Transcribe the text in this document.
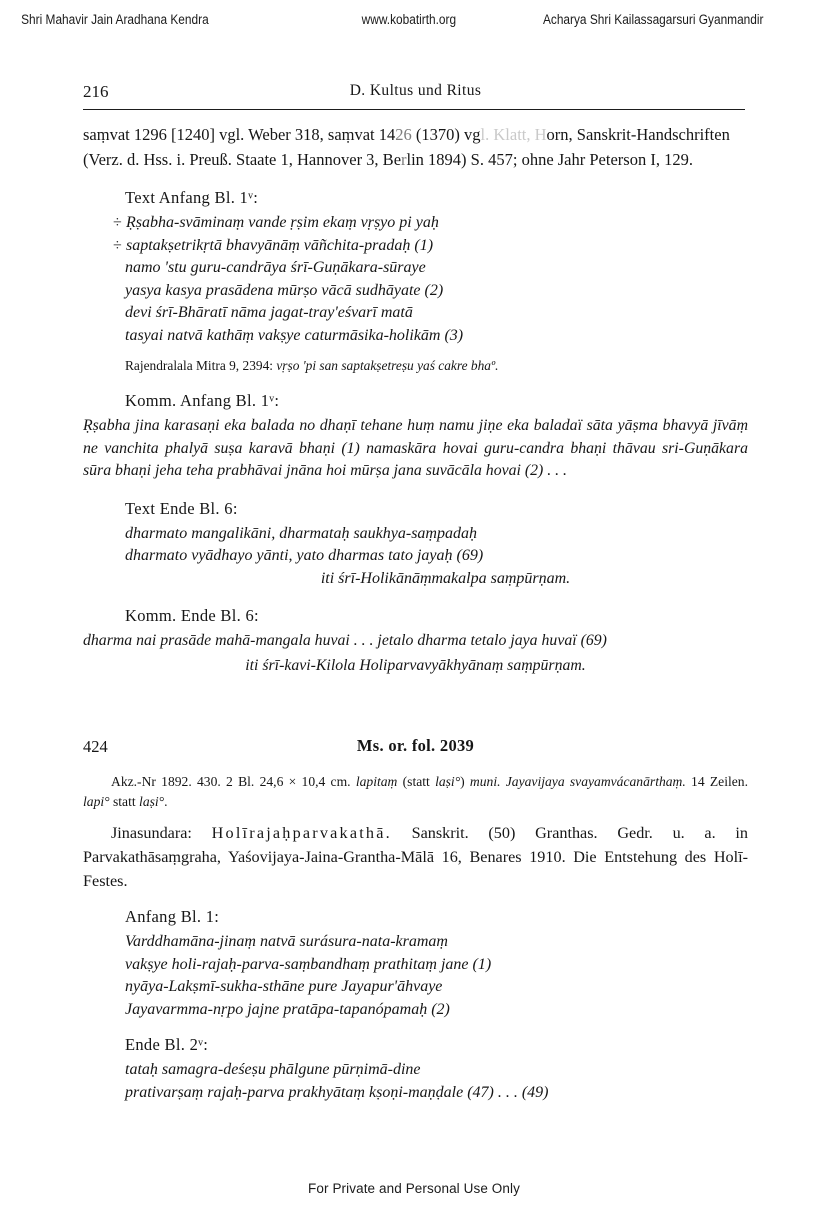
Shri Mahavir Jain Aradhana Kendra	www.kobatirth.org	Acharya Shri Kailassagarsuri Gyanmandir
216	D. Kultus und Ritus

saṃvat 1296 [1240] vgl. Weber 318, saṃvat 1426 (1370) vgl. Klatt, Horn, Sanskrit-Handschriften (Verz. d. Hss. i. Preuß. Staate 1, Hannover 3, Berlin 1894) S. 457; ohne Jahr Peterson I, 129.

Text Anfang Bl. 1ᵛ:
÷ Ṛṣabha-svāminaṃ vande ṛṣim ekaṃ vṛṣyo pi yaḥ
÷ saptakṣetrikṛtā bhavyānāṃ vāñchita-pradaḥ (1)
namo 'stu guru-candrāya śrī-Guṇākara-sūraye
yasya kasya prasādena mūrṣo vācā sudhāyate (2)
devi śrī-Bhāratī nāma jagat-tray'eśvarī matā
tasyai natvā kathāṃ vakṣye caturmāsika-holikām (3)
Rajendralala Mitra 9, 2394: vṛṣo 'pi san saptakṣetreṣu yaś cakre bhaº.
Komm. Anfang Bl. 1ᵛ:

Ṛṣabha jina karasaṇi eka balada no dhaṇī tehane huṃ namu jiṇe eka baladaï sāta yāṣma bhavyā jīvāṃ ne vanchita phalyā suṣa karavā bhaṇi (1) namaskāra hovai guru-candra bhaṇi thāvau sri-Guṇākara sūra bhaṇi jeha teha prabhāvai jnāna hoi mūrṣa jana suvācāla hovai (2) . . .

Text Ende Bl. 6:
dharmato mangalikāni, dharmataḥ saukhya-saṃpadaḥ
dharmato vyādhayo yānti, yato dharmas tato jayaḥ (69)
iti śrī-Holikānāṃmakalpa saṃpūrṇam.
Komm. Ende Bl. 6:

dharma nai prasāde mahā-mangala huvai . . . jetalo dharma tetalo jaya huvaï (69)

iti śrī-kavi-Kilola Holiparvavyākhyānaṃ saṃpūrṇam.

424	Ms. or. fol. 2039

Akz.-Nr 1892. 430. 2 Bl. 24,6 × 10,4 cm. lapitaṃ (statt laṣi°) muni. Jayavijaya svayamvácanārthaṃ. 14 Zeilen. lapi° statt laṣi°.

Jinasundara: Holīrajaḥparvakathā. Sanskrit. (50) Granthas. Gedr. u. a. in Parvakathāsaṃgraha, Yaśovijaya-Jaina-Grantha-Mālā 16, Benares 1910. Die Entstehung des Holī-Festes.

Anfang Bl. 1:
Varddhamāna-jinaṃ natvā surásura-nata-kramaṃ
vakṣye holi-rajaḥ-parva-saṃbandhaṃ prathitaṃ jane (1)
nyāya-Lakṣmī-sukha-sthāne pure Jayapur'āhvaye
Jayavarmma-nṛpo jajne pratāpa-tapanópamaḥ (2)
Ende Bl. 2ᵛ:
tataḥ samagra-deśeṣu phālgune pūrṇimā-dine
prativarṣaṃ rajaḥ-parva prakhyātaṃ kṣoṇi-maṇḍale (47) . . . (49)
For Private and Personal Use Only
